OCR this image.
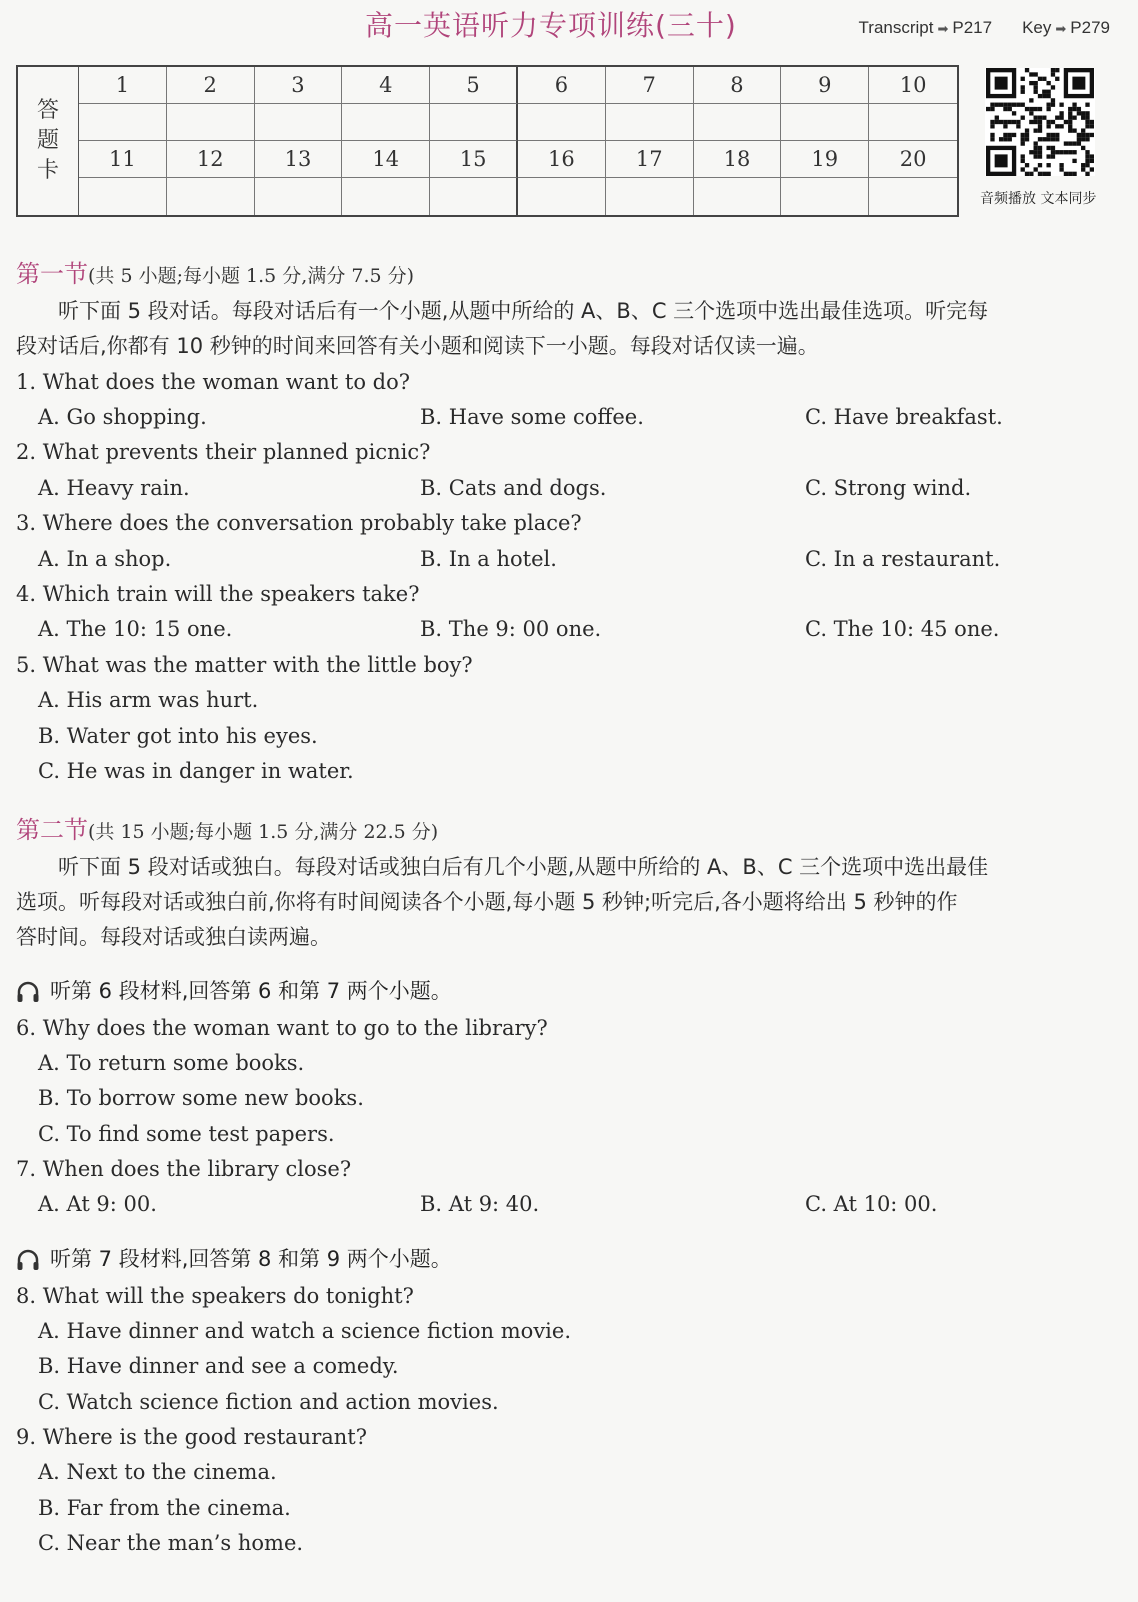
高一英语听力专项训练(三十)	Transcript ➡ P217 Key ➡ P279
答
题
卡
1	2	3	4	5	6	7	8	9	10
11	12	13	14	15	16	17	18	19	20
音频播放 文本同步
第一节(共 5 小题;每小题 1.5 分,满分 7.5 分)
听下面 5 段对话。每段对话后有一个小题,从题中所给的 A、B、C 三个选项中选出最佳选项。听完每
段对话后,你都有 10 秒钟的时间来回答有关小题和阅读下一小题。每段对话仅读一遍。
1. What does the woman want to do?
A. Go shopping.	B. Have some coffee.	C. Have breakfast.
2. What prevents their planned picnic?
A. Heavy rain.	B. Cats and dogs.	C. Strong wind.
3. Where does the conversation probably take place?
A. In a shop.	B. In a hotel.	C. In a restaurant.
4. Which train will the speakers take?
A. The 10: 15 one.	B. The 9: 00 one.	C. The 10: 45 one.
5. What was the matter with the little boy?
A. His arm was hurt.
B. Water got into his eyes.
C. He was in danger in water.
第二节(共 15 小题;每小题 1.5 分,满分 22.5 分)
听下面 5 段对话或独白。每段对话或独白后有几个小题,从题中所给的 A、B、C 三个选项中选出最佳
选项。听每段对话或独白前,你将有时间阅读各个小题,每小题 5 秒钟;听完后,各小题将给出 5 秒钟的作
答时间。每段对话或独白读两遍。
听第 6 段材料,回答第 6 和第 7 两个小题。
6. Why does the woman want to go to the library?
A. To return some books.
B. To borrow some new books.
C. To find some test papers.
7. When does the library close?
A. At 9: 00.	B. At 9: 40.	C. At 10: 00.
听第 7 段材料,回答第 8 和第 9 两个小题。
8. What will the speakers do tonight?
A. Have dinner and watch a science fiction movie.
B. Have dinner and see a comedy.
C. Watch science fiction and action movies.
9. Where is the good restaurant?
A. Next to the cinema.
B. Far from the cinema.
C. Near the man’s home.
